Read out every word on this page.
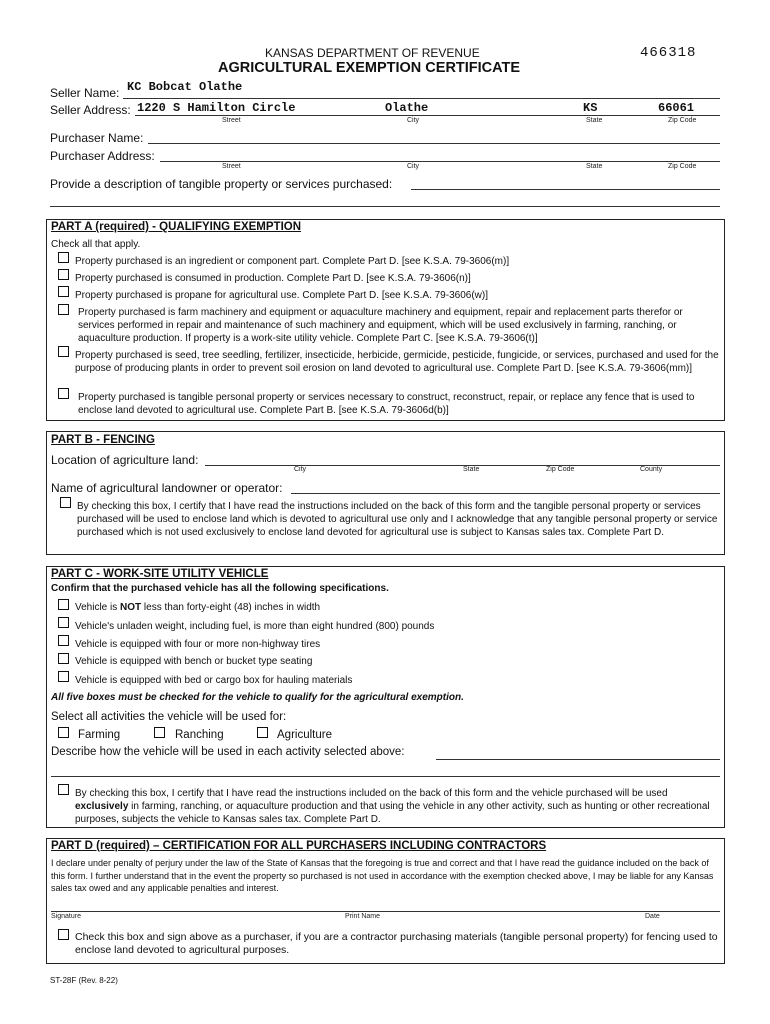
KANSAS DEPARTMENT OF REVENUE	466318
AGRICULTURAL EXEMPTION CERTIFICATE
Seller Name: KC Bobcat Olathe
Seller Address: 1220 S Hamilton Circle	Olathe	KS	66061
Street	City	State	Zip Code
Purchaser Name:
Purchaser Address:
Street	City	State	Zip Code
Provide a description of tangible property or services purchased:
PART A (required) - QUALIFYING EXEMPTION
Check all that apply.
Property purchased is an ingredient or component part. Complete Part D. [see K.S.A. 79-3606(m)]
Property purchased is consumed in production. Complete Part D. [see K.S.A. 79-3606(n)]
Property purchased is propane for agricultural use. Complete Part D. [see K.S.A. 79-3606(w)]
Property purchased is farm machinery and equipment or aquaculture machinery and equipment, repair and replacement parts therefor or services performed in repair and maintenance of such machinery and equipment, which will be used exclusively in farming, ranching, or aquaculture production. If property is a work-site utility vehicle. Complete Part C. [see K.S.A. 79-3606(t)]
Property purchased is seed, tree seedling, fertilizer, insecticide, herbicide, germicide, pesticide, fungicide, or services, purchased and used for the purpose of producing plants in order to prevent soil erosion on land devoted to agricultural use. Complete Part D. [see K.S.A. 79-3606(mm)]
Property purchased is tangible personal property or services necessary to construct, reconstruct, repair, or replace any fence that is used to enclose land devoted to agricultural use. Complete Part B. [see K.S.A. 79-3606d(b)]
PART B - FENCING
Location of agriculture land:
City	State	Zip Code	County
Name of agricultural landowner or operator:
By checking this box, I certify that I have read the instructions included on the back of this form and the tangible personal property or services purchased will be used to enclose land which is devoted to agricultural use only and I acknowledge that any tangible personal property or service purchased which is not used exclusively to enclose land devoted for agricultural use is subject to Kansas sales tax. Complete Part D.
PART C - WORK-SITE UTILITY VEHICLE
Confirm that the purchased vehicle has all the following specifications.
Vehicle is NOT less than forty-eight (48) inches in width
Vehicle's unladen weight, including fuel, is more than eight hundred (800) pounds
Vehicle is equipped with four or more non-highway tires
Vehicle is equipped with bench or bucket type seating
Vehicle is equipped with bed or cargo box for hauling materials
All five boxes must be checked for the vehicle to qualify for the agricultural exemption.
Select all activities the vehicle will be used for:
Farming	Ranching	Agriculture
Describe how the vehicle will be used in each activity selected above:
By checking this box, I certify that I have read the instructions included on the back of this form and the vehicle purchased will be used exclusively in farming, ranching, or aquaculture production and that using the vehicle in any other activity, such as hunting or other recreational purposes, subjects the vehicle to Kansas sales tax. Complete Part D.
PART D (required) – CERTIFICATION FOR ALL PURCHASERS INCLUDING CONTRACTORS
I declare under penalty of perjury under the law of the State of Kansas that the foregoing is true and correct and that I have read the guidance included on the back of this form. I further understand that in the event the property so purchased is not used in accordance with the exemption checked above, I may be liable for any Kansas sales tax owed and any applicable penalties and interest.
Signature	Print Name	Date
Check this box and sign above as a purchaser, if you are a contractor purchasing materials (tangible personal property) for fencing used to enclose land devoted to agricultural purposes.
ST-28F (Rev. 8-22)
